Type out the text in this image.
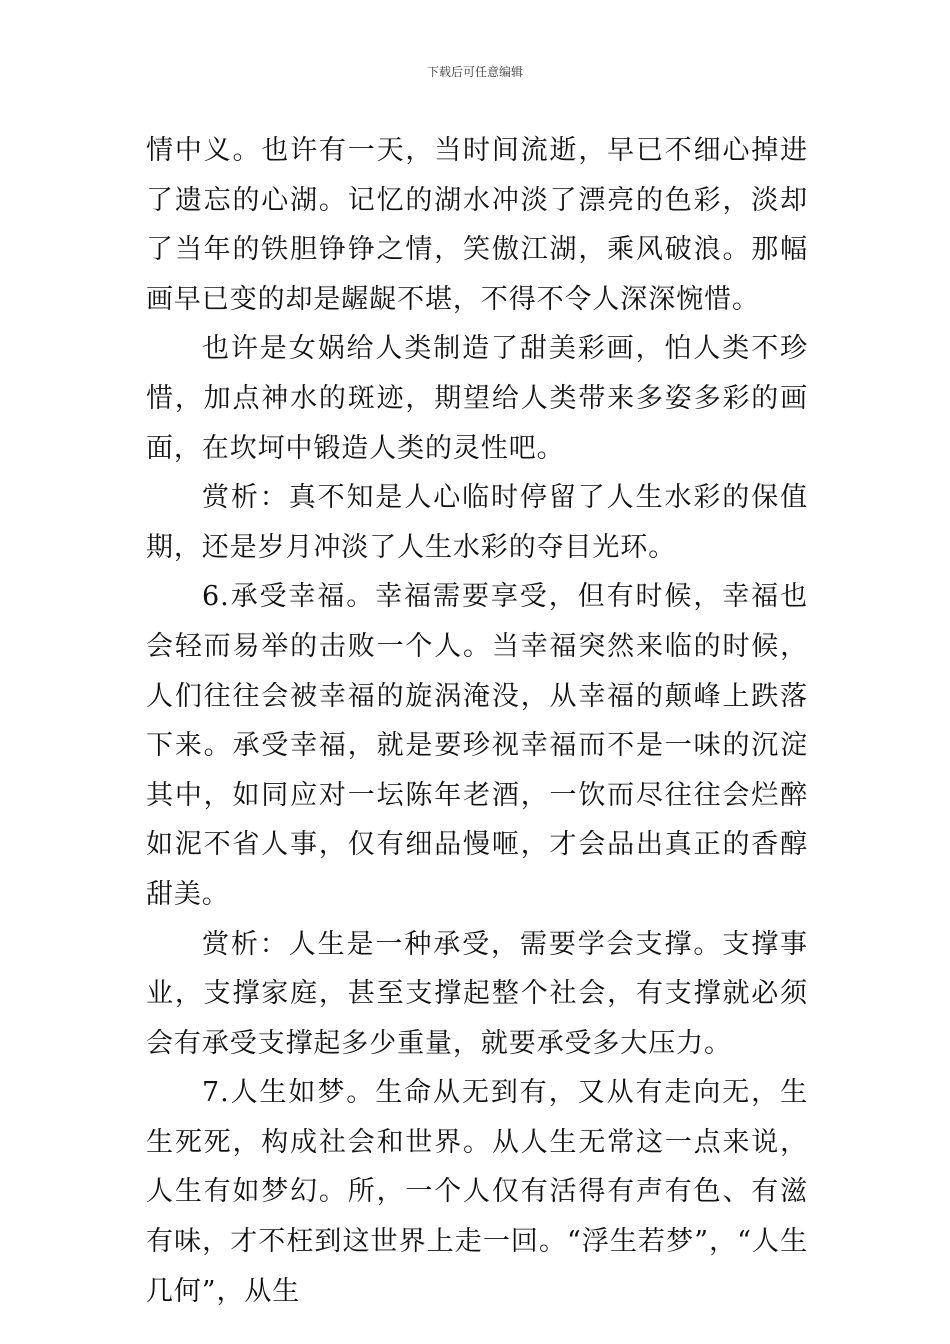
下载后可任意编辑

情中义。也许有一天，当时间流逝，早已不细心掉进了遗忘的心湖。记忆的湖水冲淡了漂亮的色彩，淡却了当年的铁胆铮铮之情，笑傲江湖，乘风破浪。那幅画早已变的却是龌龊不堪，不得不令人深深惋惜。

也许是女娲给人类制造了甜美彩画，怕人类不珍惜，加点神水的斑迹，期望给人类带来多姿多彩的画面，在坎坷中锻造人类的灵性吧。

赏析：真不知是人心临时停留了人生水彩的保值期，还是岁月冲淡了人生水彩的夺目光环。

6.承受幸福。幸福需要享受，但有时候，幸福也会轻而易举的击败一个人。当幸福突然来临的时候，人们往往会被幸福的旋涡淹没，从幸福的颠峰上跌落下来。承受幸福，就是要珍视幸福而不是一味的沉淀其中，如同应对一坛陈年老酒，一饮而尽往往会烂醉如泥不省人事，仅有细品慢咂，才会品出真正的香醇甜美。

赏析：人生是一种承受，需要学会支撑。支撑事业，支撑家庭，甚至支撑起整个社会，有支撑就必须会有承受支撑起多少重量，就要承受多大压力。

7.人生如梦。生命从无到有，又从有走向无，生生死死，构成社会和世界。从人生无常这一点来说，人生有如梦幻。所，一个人仅有活得有声有色、有滋有味，才不枉到这世界上走一回。“浮生若梦”，“人生几何”，从生
